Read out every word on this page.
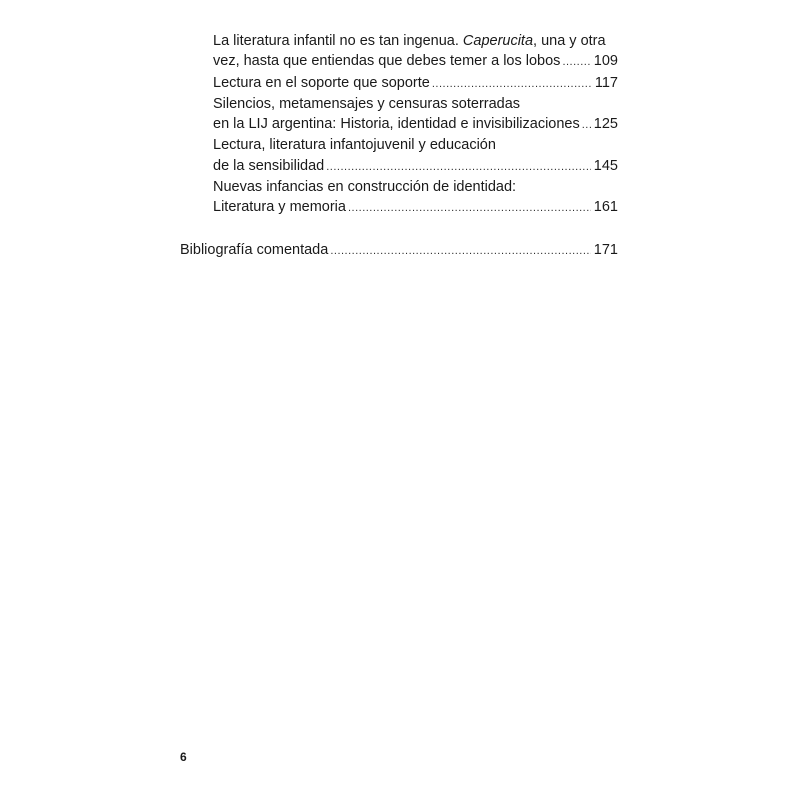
La literatura infantil no es tan ingenua. Caperucita, una y otra
vez, hasta que entiendas que debes temer a los lobos ..... 109
Lectura en el soporte que soporte .....	117
Silencios, metamensajes y censuras soterradas
en la LIJ argentina: Historia, identidad e invisibilizaciones ..... 125
Lectura, literatura infantojuvenil y educación
de la sensibilidad .....	145
Nuevas infancias en construcción de identidad:
Literatura y memoria .....	161
Bibliografía comentada .....	171
6
